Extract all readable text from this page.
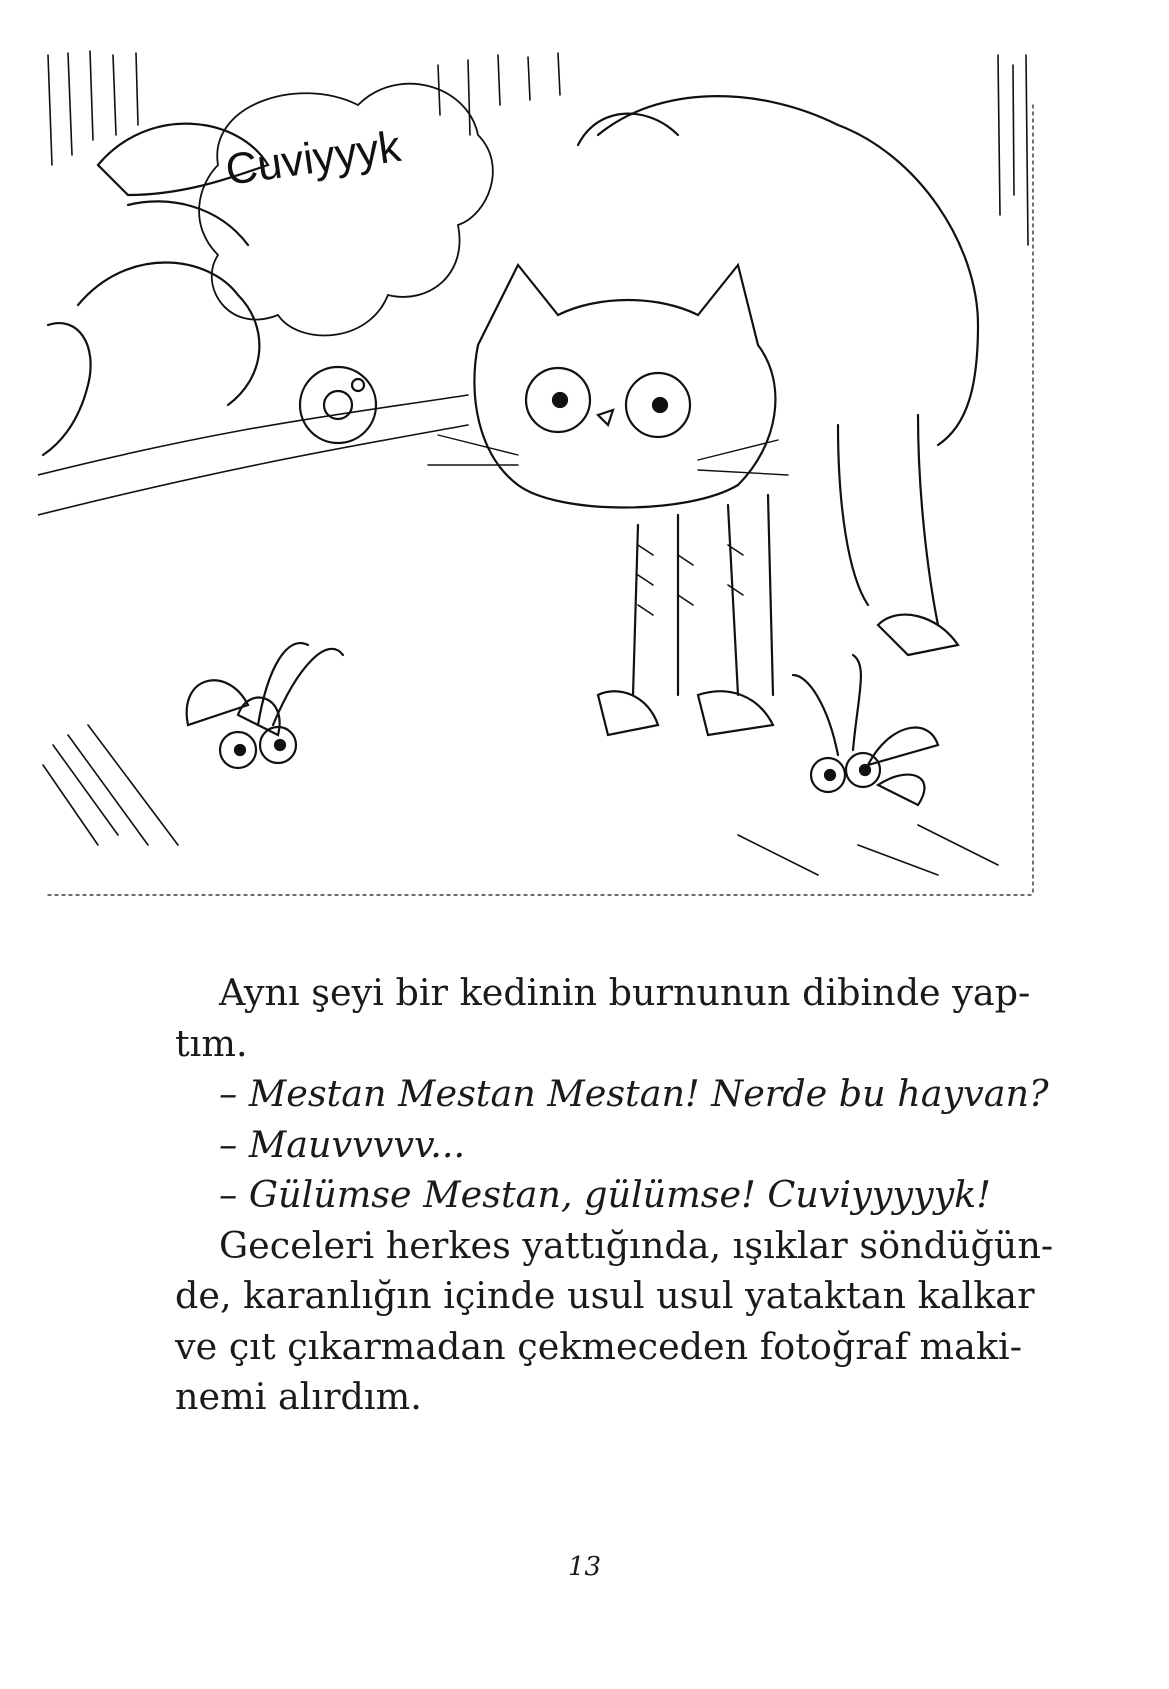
Cuviyyyk
Aynı şeyi bir kedinin burnunun dibinde yap-
tım.
– Mestan Mestan Mestan! Nerde bu hayvan?
– Mauvvvvv...
– Gülümse Mestan, gülümse! Cuviyyyyyk!
Geceleri herkes yattığında, ışıklar söndüğün-
de, karanlığın içinde usul usul yataktan kalkar
ve çıt çıkarmadan çekmeceden fotoğraf maki-
nemi alırdım.
13
